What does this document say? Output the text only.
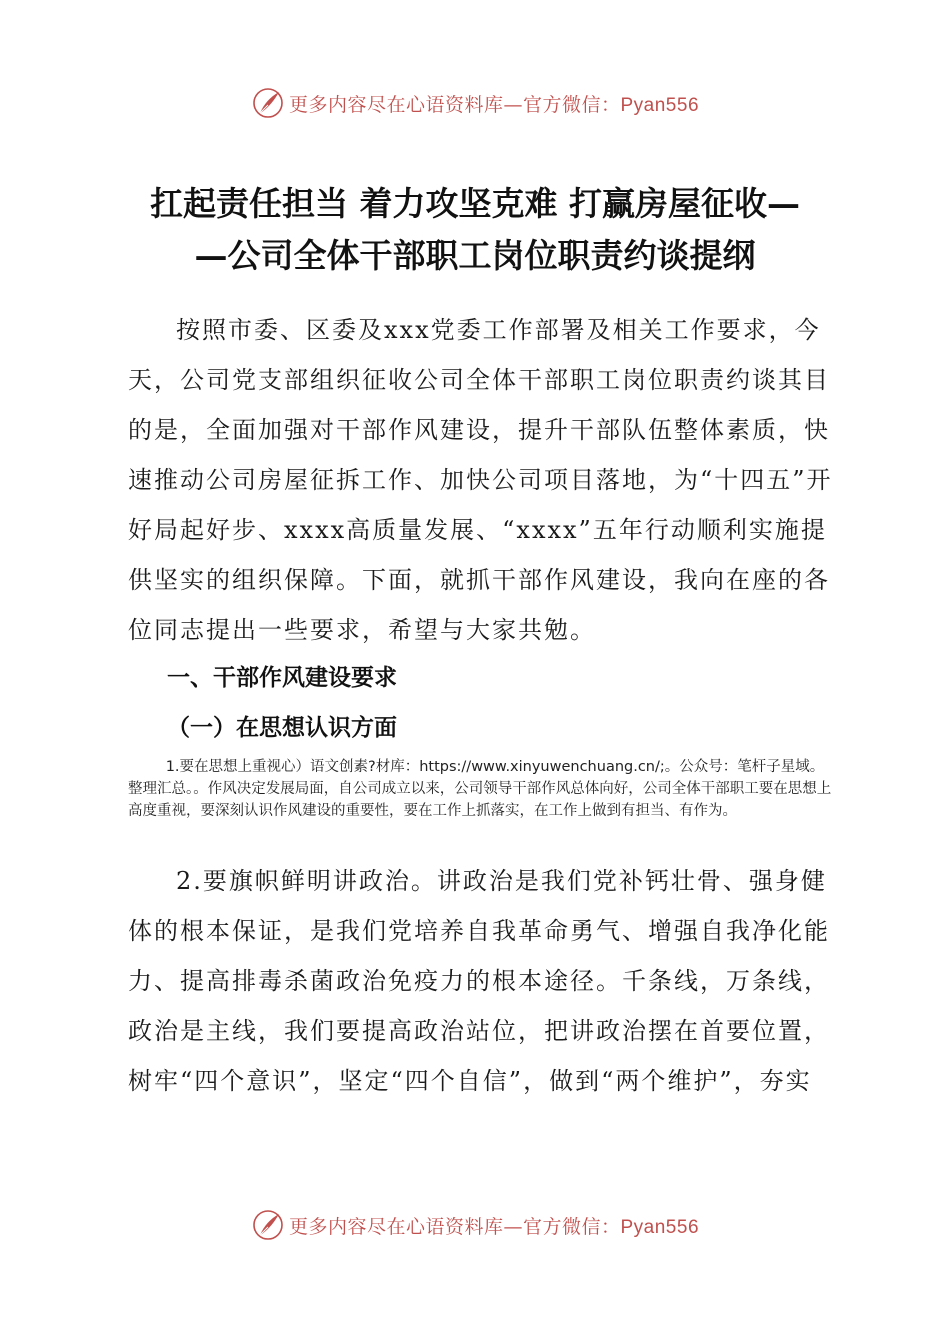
更多内容尽在心语资料库—官方微信：Pyan556
扛起责任担当 着力攻坚克难 打赢房屋征收—
—公司全体干部职工岗位职责约谈提纲

按照市委、区委及xxx党委工作部署及相关工作要求，今天，公司党支部组织征收公司全体干部职工岗位职责约谈其目的是，全面加强对干部作风建设，提升干部队伍整体素质，快速推动公司房屋征拆工作、加快公司项目落地，为“十四五”开好局起好步、xxxx高质量发展、“xxxx”五年行动顺利实施提供坚实的组织保障。下面，就抓干部作风建设，我向在座的各位同志提出一些要求，希望与大家共勉。

一、干部作风建设要求
（一）在思想认识方面
1.要在思想上重视心）语文创素?材库：https://www.xinyuwenchuang.cn/;。公众号：笔杆子星域。整理汇总。。作风决定发展局面，自公司成立以来，公司领导干部作风总体向好，公司全体干部职工要在思想上高度重视，要深刻认识作风建设的重要性，要在工作上抓落实，在工作上做到有担当、有作为。

2.要旗帜鲜明讲政治。讲政治是我们党补钙壮骨、强身健体的根本保证，是我们党培养自我革命勇气、增强自我净化能力、提高排毒杀菌政治免疫力的根本途径。千条线，万条线，政治是主线，我们要提高政治站位，把讲政治摆在首要位置，树牢“四个意识”，坚定“四个自信”，做到“两个维护”，夯实

更多内容尽在心语资料库—官方微信：Pyan556
